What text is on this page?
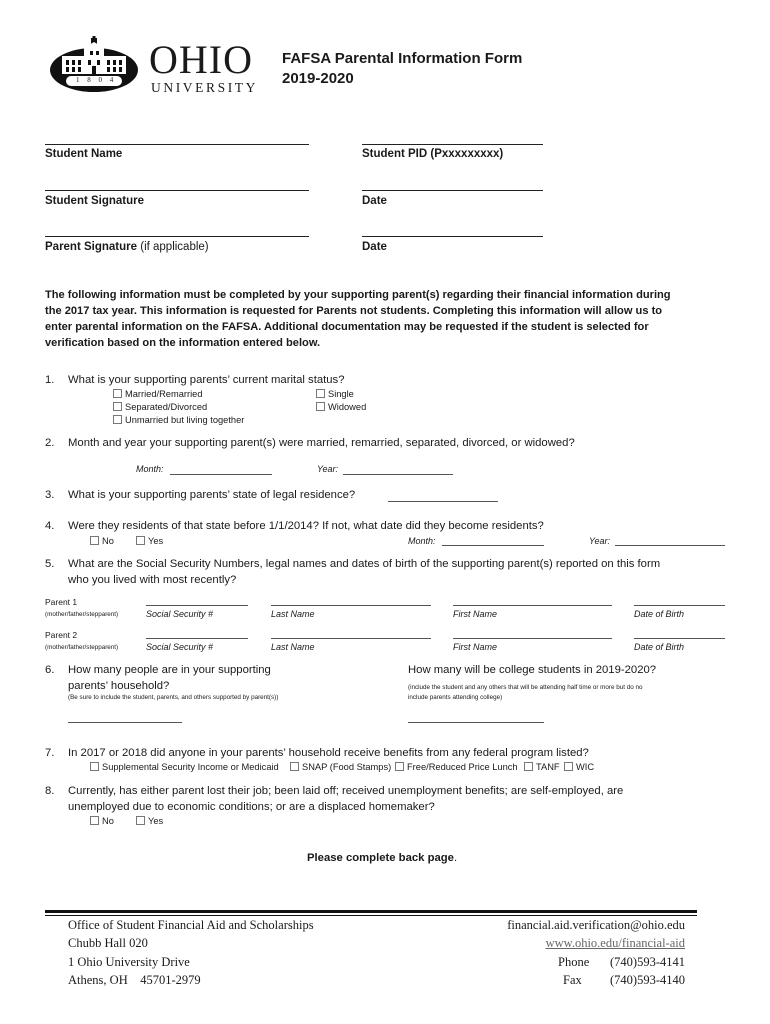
1 8 0 4 OHIO
UNIVERSITY
FAFSA Parental Information Form
2019-2020
Student Name	Student PID (Pxxxxxxxxx)
Student Signature	Date
Parent Signature (if applicable)	Date
The following information must be completed by your supporting parent(s) regarding their financial information during
the 2017 tax year. This information is requested for Parents not students. Completing this information will allow us to
enter parental information on the FAFSA. Additional documentation may be requested if the student is selected for
verification based on the information entered below.
1. What is your supporting parents’ current marital status?
Married/Remarried
Separated/Divorced
Unmarried but living together
Single
Widowed
2. Month and year your supporting parent(s) were married, remarried, separated, divorced, or widowed?
Month:	Year:
3. What is your supporting parents’ state of legal residence?
4. Were they residents of that state before 1/1/2014? If not, what date did they become residents?
No	Yes	Month:	Year:
5. What are the Social Security Numbers, legal names and dates of birth of the supporting parent(s) reported on this form
who you lived with most recently?
Parent 1
(mother/father/stepparent)	Social Security #	Last Name	First Name	Date of Birth
Parent 2
(mother/father/stepparent)	Social Security #	Last Name	First Name	Date of Birth
6. How many people are in your supporting
parents’ household?
(Be sure to include the student, parents, and others supported by parent(s))
How many will be college students in 2019-2020?
(include the student and any others that will be attending half time or more but do no
include parents attending college)
7. In 2017 or 2018 did anyone in your parents’ household receive benefits from any federal program listed?
Supplemental Security Income or Medicaid	SNAP (Food Stamps)	Free/Reduced Price Lunch	TANF	WIC
8. Currently, has either parent lost their job; been laid off; received unemployment benefits; are self-employed, are
unemployed due to economic conditions; or are a displaced homemaker?
No	Yes
Please complete back page.
Office of Student Financial Aid and Scholarships
Chubb Hall 020
1 Ohio University Drive
Athens, OH    45701-2979
financial.aid.verification@ohio.edu
www.ohio.edu/financial-aid
Phone (740)593-4141
Fax (740)593-4140
